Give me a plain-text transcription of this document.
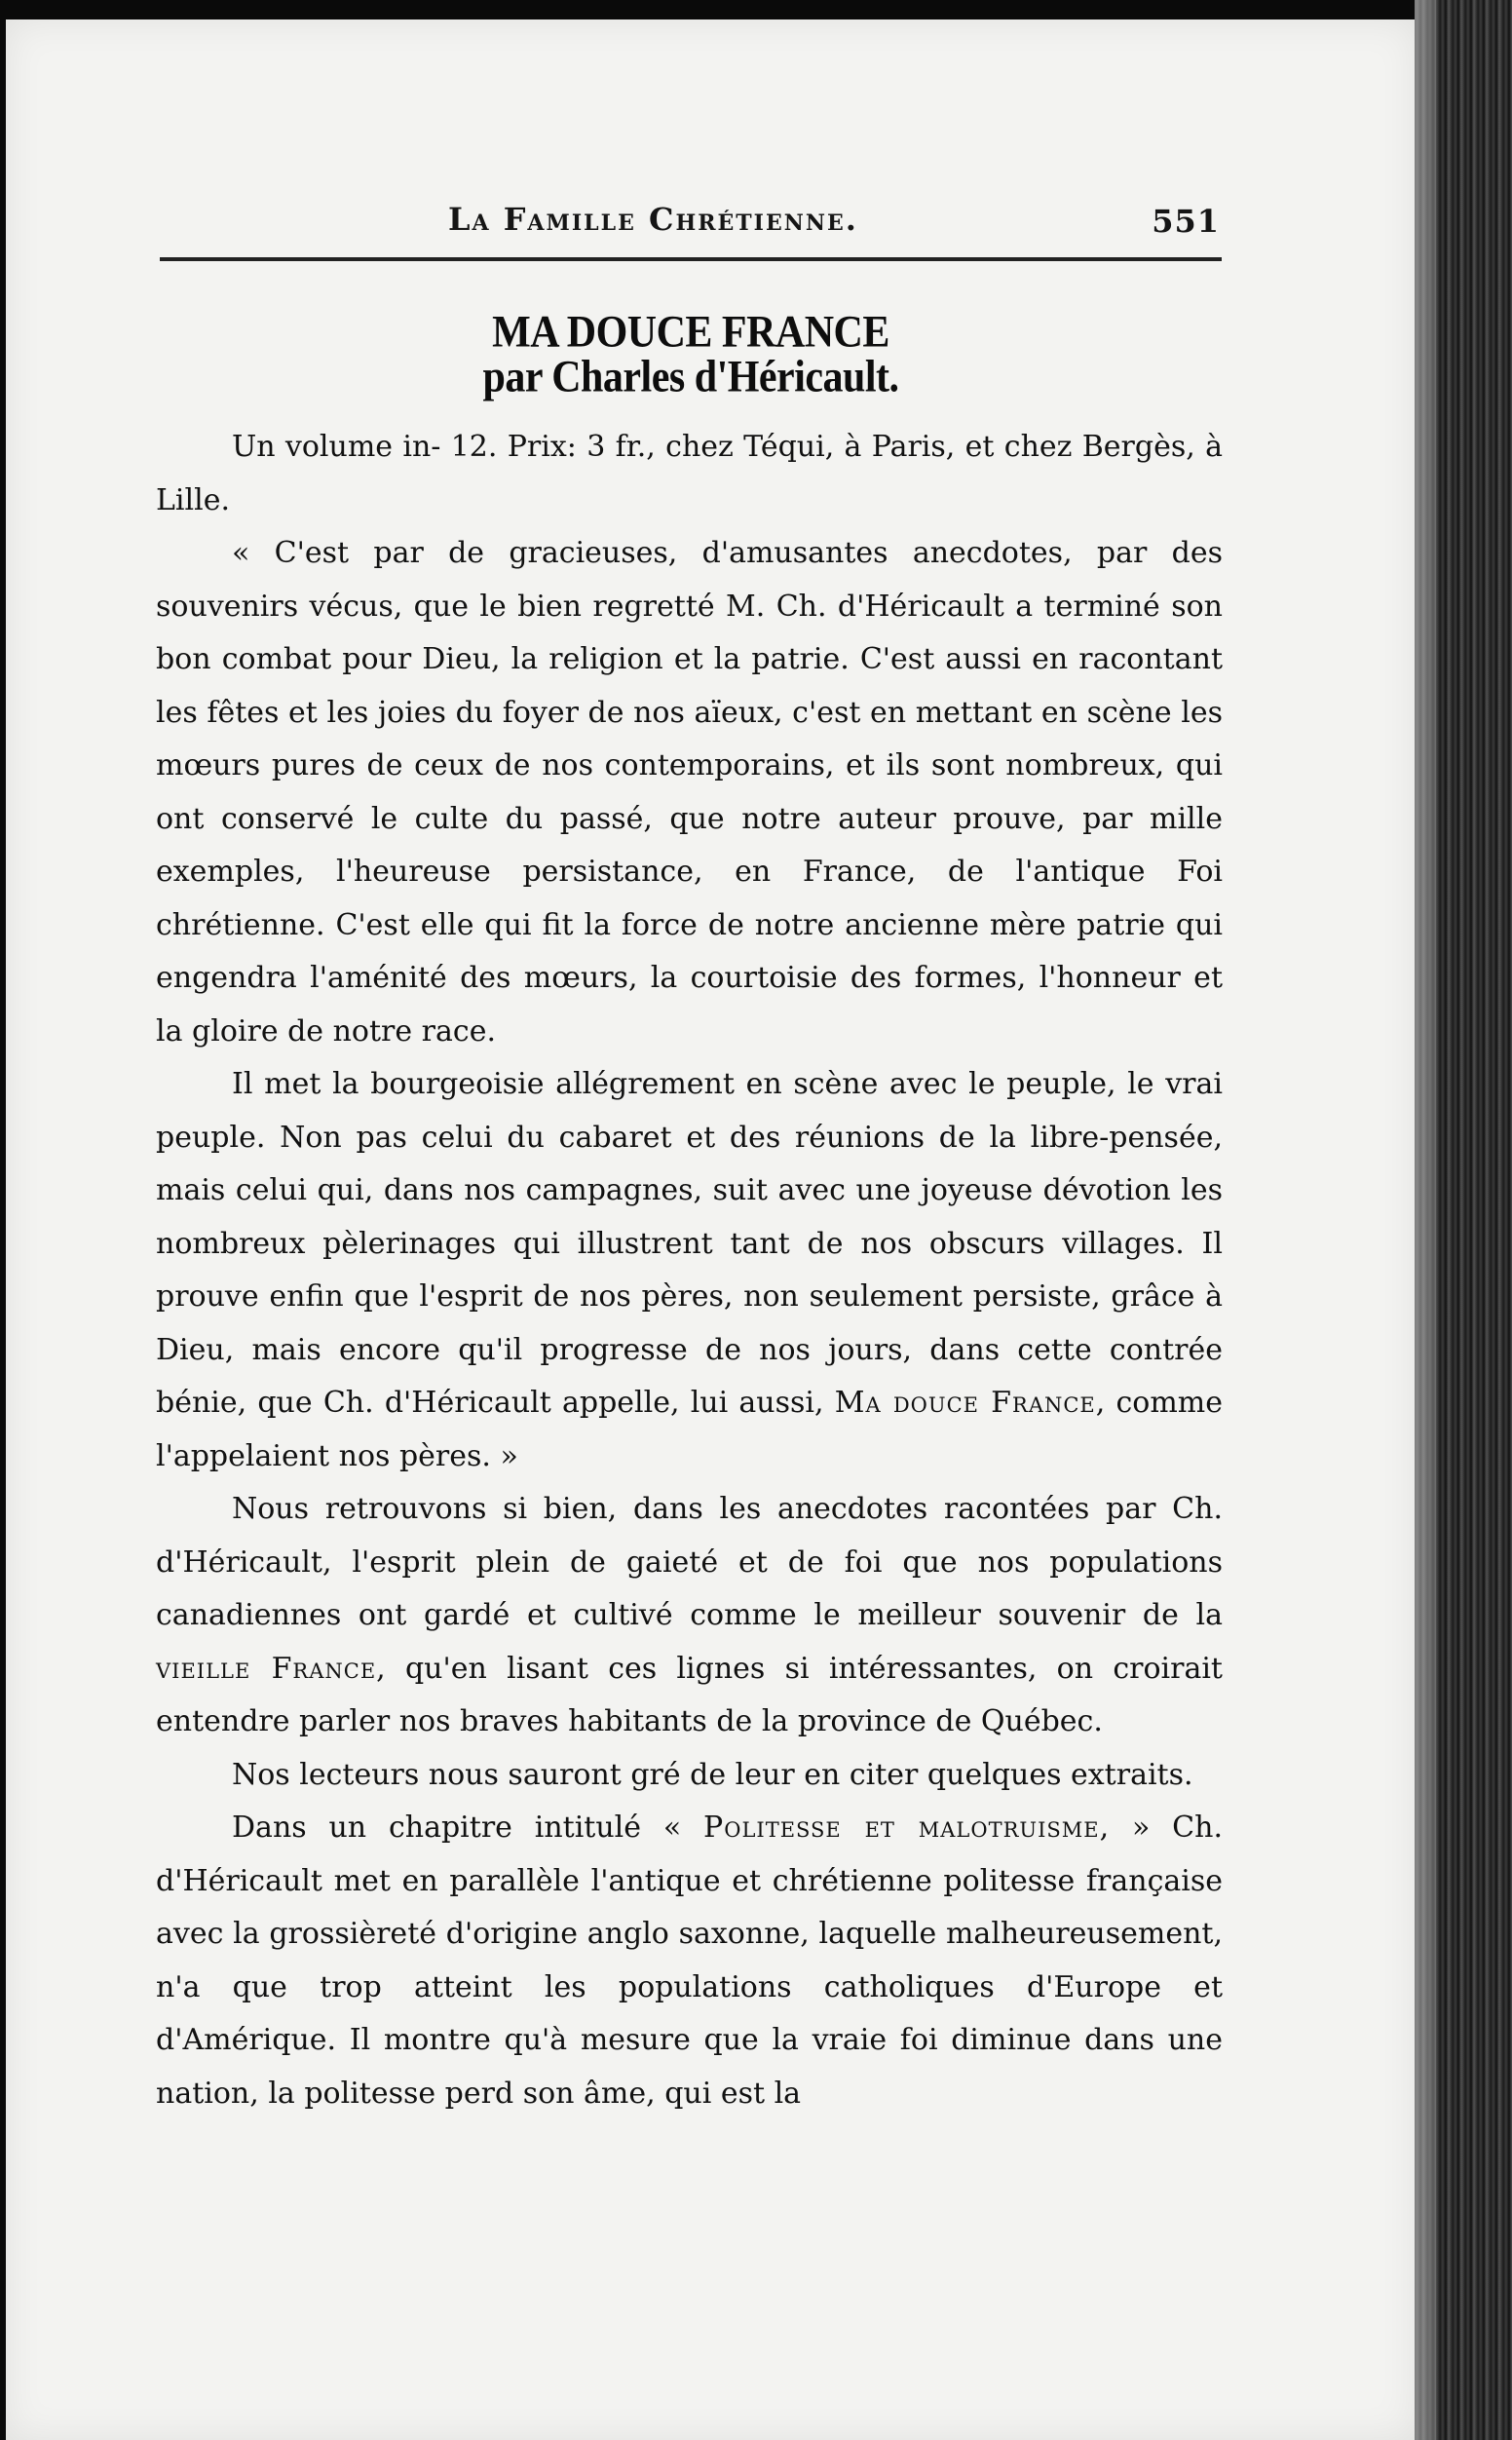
La Famille Chrétienne.	551
MA DOUCE FRANCE
par Charles d'Héricault.

Un volume in- 12. Prix: 3 fr., chez Téqui, à Paris, et chez Bergès, à Lille.

« C'est par de gracieuses, d'amusantes anecdotes, par des souvenirs vécus, que le bien regretté M. Ch. d'Héricault a terminé son bon combat pour Dieu, la religion et la patrie. C'est aussi en racontant les fêtes et les joies du foyer de nos aïeux, c'est en mettant en scène les mœurs pures de ceux de nos contemporains, et ils sont nombreux, qui ont conservé le culte du passé, que notre auteur prouve, par mille exemples, l'heureuse persistance, en France, de l'antique Foi chrétienne. C'est elle qui fit la force de notre ancienne mère patrie qui engendra l'aménité des mœurs, la courtoisie des formes, l'honneur et la gloire de notre race.

Il met la bourgeoisie allégrement en scène avec le peuple, le vrai peuple. Non pas celui du cabaret et des réunions de la libre-pensée, mais celui qui, dans nos campagnes, suit avec une joyeuse dévotion les nombreux pèlerinages qui illustrent tant de nos obscurs villages. Il prouve enfin que l'esprit de nos pères, non seulement persiste, grâce à Dieu, mais encore qu'il progresse de nos jours, dans cette contrée bénie, que Ch. d'Héricault appelle, lui aussi, Ma douce France, comme l'appelaient nos pères. »

Nous retrouvons si bien, dans les anecdotes racontées par Ch. d'Héricault, l'esprit plein de gaieté et de foi que nos populations canadiennes ont gardé et cultivé comme le meilleur souvenir de la vieille France, qu'en lisant ces lignes si intéressantes, on croirait entendre parler nos braves habitants de la province de Québec.

Nos lecteurs nous sauront gré de leur en citer quelques extraits.

Dans un chapitre intitulé « Politesse et malotruisme, » Ch. d'Héricault met en parallèle l'antique et chrétienne politesse française avec la grossièreté d'origine anglo saxonne, laquelle malheureusement, n'a que trop atteint les populations catholiques d'Europe et d'Amérique. Il montre qu'à mesure que la vraie foi diminue dans une nation, la politesse perd son âme, qui est la
